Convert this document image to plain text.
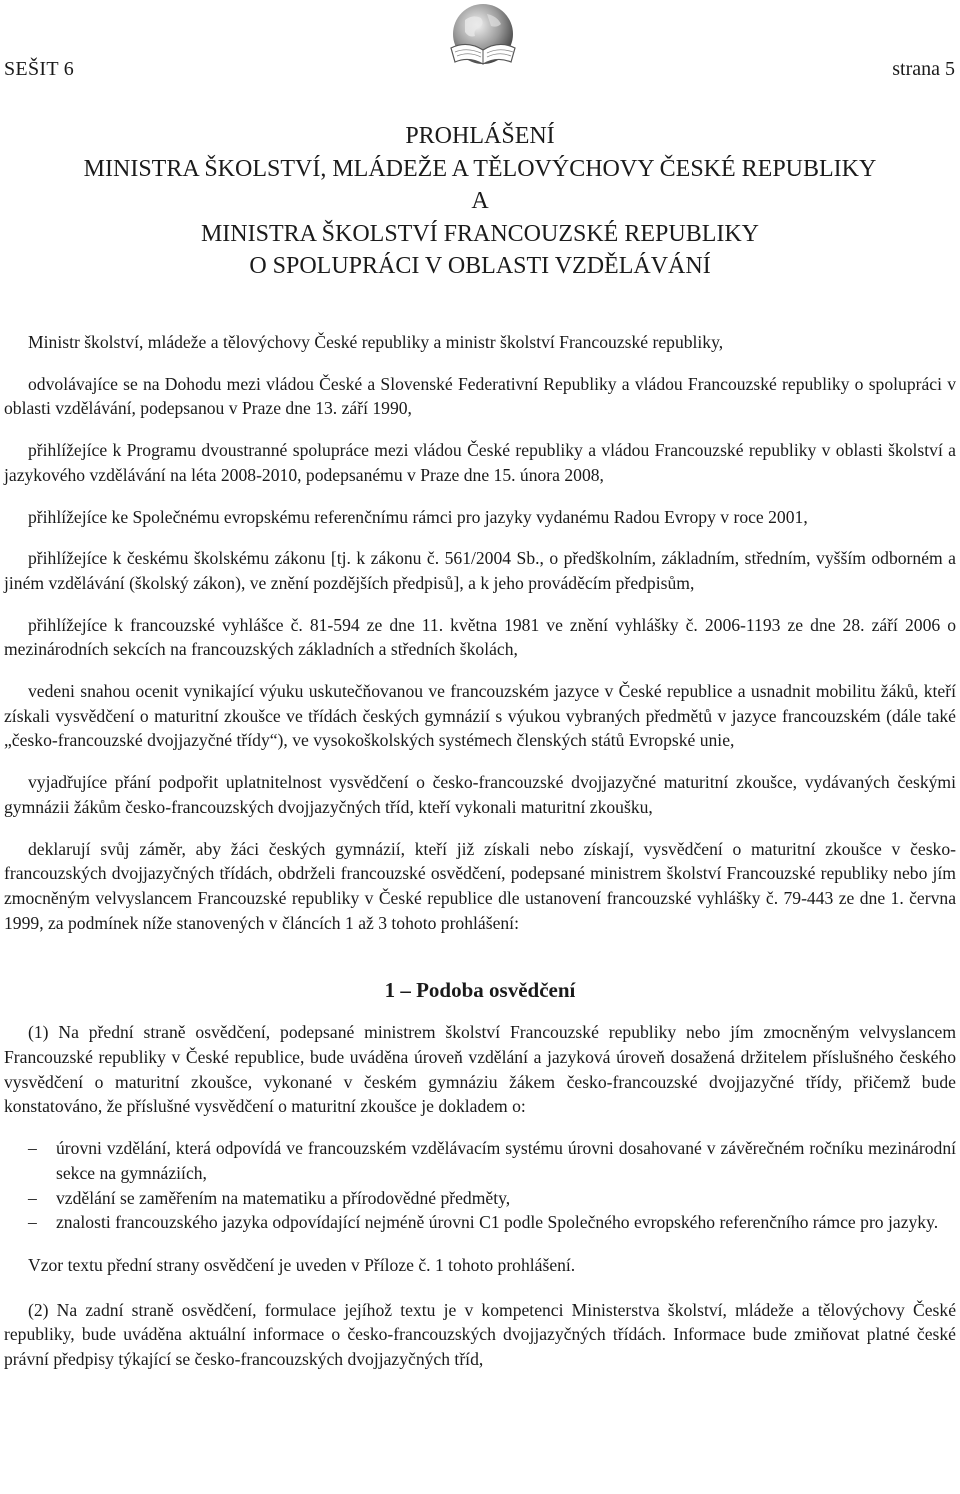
SEŠIT 6	strana 5
PROHLÁŠENÍ
MINISTRA ŠKOLSTVÍ, MLÁDEŽE A TĚLOVÝCHOVY ČESKÉ REPUBLIKY
A
MINISTRA ŠKOLSTVÍ FRANCOUZSKÉ REPUBLIKY
O SPOLUPRÁCI V OBLASTI VZDĚLÁVÁNÍ

Ministr školství, mládeže a tělovýchovy České republiky a ministr školství Francouzské republiky,

odvolávajíce se na Dohodu mezi vládou České a Slovenské Federativní Republiky a vládou Francouzské republiky o spolupráci v oblasti vzdělávání, podepsanou v Praze dne 13. září 1990,

přihlížejíce k Programu dvoustranné spolupráce mezi vládou České republiky a vládou Francouzské republiky v oblasti školství a jazykového vzdělávání na léta 2008-2010, podepsanému v Praze dne 15. února 2008,

přihlížejíce ke Společnému evropskému referenčnímu rámci pro jazyky vydanému Radou Evropy v roce 2001,

přihlížejíce k českému školskému zákonu [tj. k zákonu č. 561/2004 Sb., o předškolním, základním, středním, vyšším odborném a jiném vzdělávání (školský zákon), ve znění pozdějších předpisů], a k jeho prováděcím předpisům,

přihlížejíce k francouzské vyhlášce č. 81-594 ze dne 11. května 1981 ve znění vyhlášky č. 2006-1193 ze dne 28. září 2006 o mezinárodních sekcích na francouzských základních a středních školách,

vedeni snahou ocenit vynikající výuku uskutečňovanou ve francouzském jazyce v České republice a usnadnit mobilitu žáků, kteří získali vysvědčení o maturitní zkoušce ve třídách českých gymnázií s výukou vybraných předmětů v jazyce francouzském (dále také „česko-francouzské dvojjazyčné třídy“), ve vysokoškolských systémech členských států Evropské unie,

vyjadřujíce přání podpořit uplatnitelnost vysvědčení o česko-francouzské dvojjazyčné maturitní zkoušce, vydávaných českými gymnázii žákům česko-francouzských dvojjazyčných tříd, kteří vykonali maturitní zkoušku,

deklarují svůj záměr, aby žáci českých gymnázií, kteří již získali nebo získají, vysvědčení o maturitní zkoušce v česko-francouzských dvojjazyčných třídách, obdrželi francouzské osvědčení, podepsané ministrem školství Francouzské republiky nebo jím zmocněným velvyslancem Francouzské republiky v České republice dle ustanovení francouzské vyhlášky č. 79-443 ze dne 1. června 1999, za podmínek níže stanovených v článcích 1 až 3 tohoto prohlášení:

1 – Podoba osvědčení

(1) Na přední straně osvědčení, podepsané ministrem školství Francouzské republiky nebo jím zmocněným velvyslancem Francouzské republiky v České republice, bude uváděna úroveň vzdělání a jazyková úroveň dosažená držitelem příslušného českého vysvědčení o maturitní zkoušce, vykonané v českém gymnáziu žákem česko-francouzské dvojjazyčné třídy, přičemž bude konstatováno, že příslušné vysvědčení o maturitní zkoušce je dokladem o:

– úrovni vzdělání, která odpovídá ve francouzském vzdělávacím systému úrovni dosahované v závěrečném ročníku mezinárodní sekce na gymnáziích,
– vzdělání se zaměřením na matematiku a přírodovědné předměty,
– znalosti francouzského jazyka odpovídající nejméně úrovni C1 podle Společného evropského referenčního rámce pro jazyky.

Vzor textu přední strany osvědčení je uveden v Příloze č. 1 tohoto prohlášení.

(2) Na zadní straně osvědčení, formulace jejíhož textu je v kompetenci Ministerstva školství, mládeže a tělovýchovy České republiky, bude uváděna aktuální informace o česko-francouzských dvojjazyčných třídách. Informace bude zmiňovat platné české právní předpisy týkající se česko-francouzských dvojjazyčných tříd,
